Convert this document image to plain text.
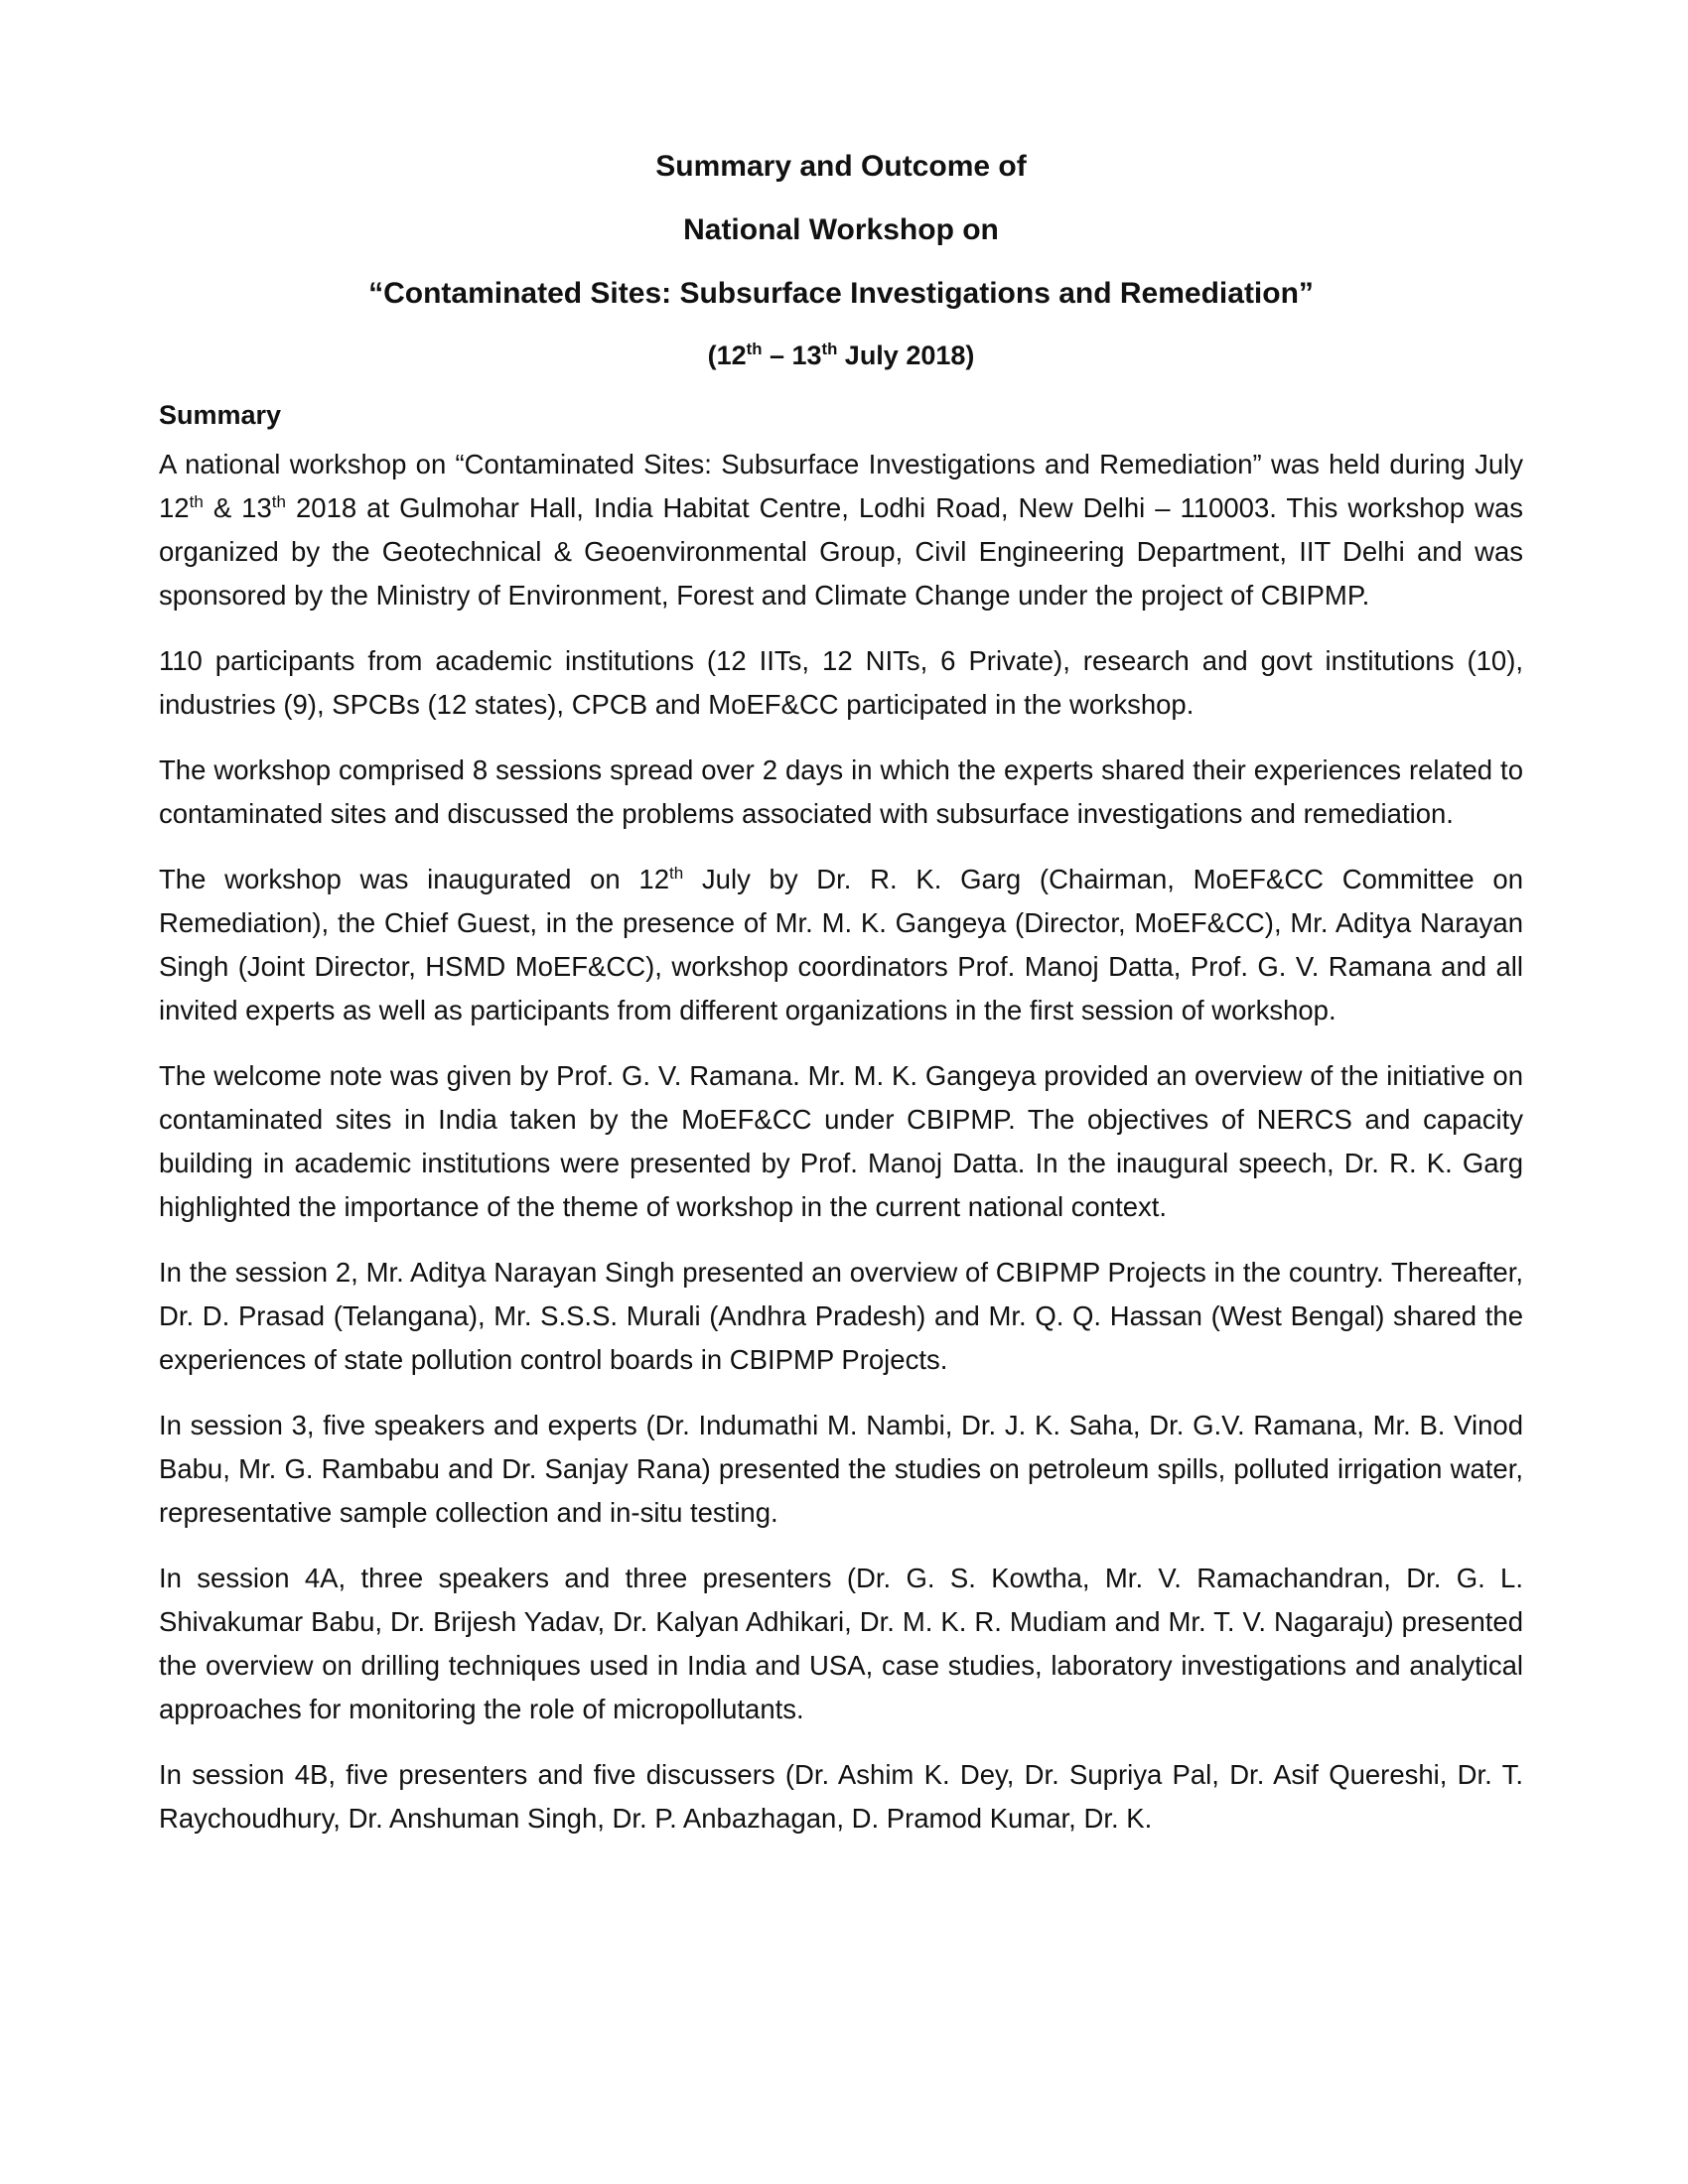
Summary and Outcome of

National Workshop on

“Contaminated Sites: Subsurface Investigations and Remediation”

(12th – 13th July 2018)

Summary

A national workshop on “Contaminated Sites: Subsurface Investigations and Remediation” was held during July 12th & 13th 2018 at Gulmohar Hall, India Habitat Centre, Lodhi Road, New Delhi – 110003. This workshop was organized by the Geotechnical & Geoenvironmental Group, Civil Engineering Department, IIT Delhi and was sponsored by the Ministry of Environment, Forest and Climate Change under the project of CBIPMP.

110 participants from academic institutions (12 IITs, 12 NITs, 6 Private), research and govt institutions (10), industries (9), SPCBs (12 states), CPCB and MoEF&CC participated in the workshop.

The workshop comprised 8 sessions spread over 2 days in which the experts shared their experiences related to contaminated sites and discussed the problems associated with subsurface investigations and remediation.

The workshop was inaugurated on 12th July by Dr. R. K. Garg (Chairman, MoEF&CC Committee on Remediation), the Chief Guest, in the presence of Mr. M. K. Gangeya (Director, MoEF&CC), Mr. Aditya Narayan Singh (Joint Director, HSMD MoEF&CC), workshop coordinators Prof. Manoj Datta, Prof. G. V. Ramana and all invited experts as well as participants from different organizations in the first session of workshop.

The welcome note was given by Prof. G. V. Ramana. Mr. M. K. Gangeya provided an overview of the initiative on contaminated sites in India taken by the MoEF&CC under CBIPMP. The objectives of NERCS and capacity building in academic institutions were presented by Prof. Manoj Datta. In the inaugural speech, Dr. R. K. Garg highlighted the importance of the theme of workshop in the current national context.

In the session 2, Mr. Aditya Narayan Singh presented an overview of CBIPMP Projects in the country. Thereafter, Dr. D. Prasad (Telangana), Mr. S.S.S. Murali (Andhra Pradesh) and Mr. Q. Q. Hassan (West Bengal) shared the experiences of state pollution control boards in CBIPMP Projects.

In session 3, five speakers and experts (Dr. Indumathi M. Nambi, Dr. J. K. Saha, Dr. G.V. Ramana, Mr. B. Vinod Babu, Mr. G. Rambabu and Dr. Sanjay Rana) presented the studies on petroleum spills, polluted irrigation water, representative sample collection and in-situ testing.

In session 4A, three speakers and three presenters (Dr. G. S. Kowtha, Mr. V. Ramachandran, Dr. G. L. Shivakumar Babu, Dr. Brijesh Yadav, Dr. Kalyan Adhikari, Dr. M. K. R. Mudiam and Mr. T. V. Nagaraju) presented the overview on drilling techniques used in India and USA, case studies, laboratory investigations and analytical approaches for monitoring the role of micropollutants.

In session 4B, five presenters and five discussers (Dr. Ashim K. Dey, Dr. Supriya Pal, Dr. Asif Quereshi, Dr. T. Raychoudhury, Dr. Anshuman Singh, Dr. P. Anbazhagan, D. Pramod Kumar, Dr. K.
